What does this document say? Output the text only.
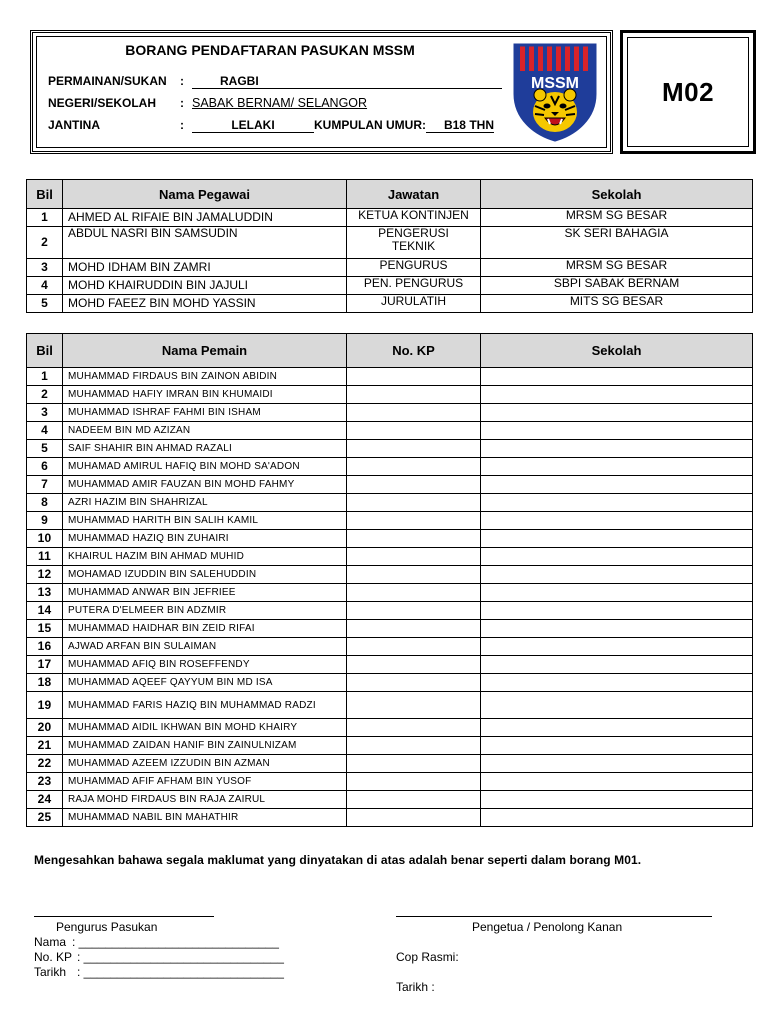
BORANG PENDAFTARAN PASUKAN MSSM
PERMAINAN/SUKAN :	RAGBI
NEGERI/SEKOLAH : SABAK BERNAM/ SELANGOR
JANTINA	:	LELAKI	KUMPULAN UMUR: B18 THN
MSSM	M02
Bil	Nama Pegawai	Jawatan	Sekolah
1	AHMED AL RIFAIE BIN JAMALUDDIN	KETUA KONTINJEN	MRSM SG BESAR
2	ABDUL NASRI BIN SAMSUDIN	PENGERUSI TEKNIK	SK SERI BAHAGIA
3	MOHD IDHAM BIN ZAMRI	PENGURUS	MRSM SG BESAR
4	MOHD KHAIRUDDIN BIN JAJULI	PEN. PENGURUS	SBPI SABAK BERNAM
5	MOHD FAEEZ BIN MOHD YASSIN	JURULATIH	MITS SG BESAR
Bil	Nama Pemain	No. KP	Sekolah
1	MUHAMMAD FIRDAUS BIN ZAINON ABIDIN		
2	MUHAMMAD HAFIY IMRAN BIN KHUMAIDI		
3	MUHAMMAD ISHRAF FAHMI BIN ISHAM		
4	NADEEM BIN MD AZIZAN		
5	SAIF SHAHIR BIN AHMAD RAZALI		
6	MUHAMAD AMIRUL HAFIQ BIN MOHD SA'ADON		
7	MUHAMMAD AMIR FAUZAN BIN MOHD FAHMY		
8	AZRI HAZIM BIN SHAHRIZAL		
9	MUHAMMAD HARITH BIN SALIH KAMIL		
10	MUHAMMAD HAZIQ BIN ZUHAIRI		
11	KHAIRUL HAZIM BIN AHMAD MUHID		
12	MOHAMAD IZUDDIN BIN SALEHUDDIN		
13	MUHAMMAD ANWAR BIN JEFRIEE		
14	PUTERA D'ELMEER BIN ADZMIR		
15	MUHAMMAD HAIDHAR BIN ZEID RIFAI		
16	AJWAD ARFAN BIN SULAIMAN		
17	MUHAMMAD AFIQ BIN ROSEFFENDY		
18	MUHAMMAD AQEEF QAYYUM BIN MD ISA		
19	MUHAMMAD FARIS HAZIQ BIN MUHAMMAD RADZI		
20	MUHAMMAD AIDIL IKHWAN BIN MOHD KHAIRY		
21	MUHAMMAD ZAIDAN HANIF BIN ZAINULNIZAM		
22	MUHAMMAD AZEEM IZZUDIN BIN AZMAN		
23	MUHAMMAD AFIF AFHAM BIN YUSOF		
24	RAJA MOHD FIRDAUS BIN RAJA ZAIRUL		
25	MUHAMMAD NABIL BIN MAHATHIR		
Mengesahkan bahawa segala maklumat yang dinyatakan di atas adalah benar seperti dalam borang M01.
Pengurus Pasukan
Nama : ______________________________
No. KP : ______________________________
Tarikh : ______________________________
Pengetua / Penolong Kanan
Cop Rasmi:
Tarikh :
